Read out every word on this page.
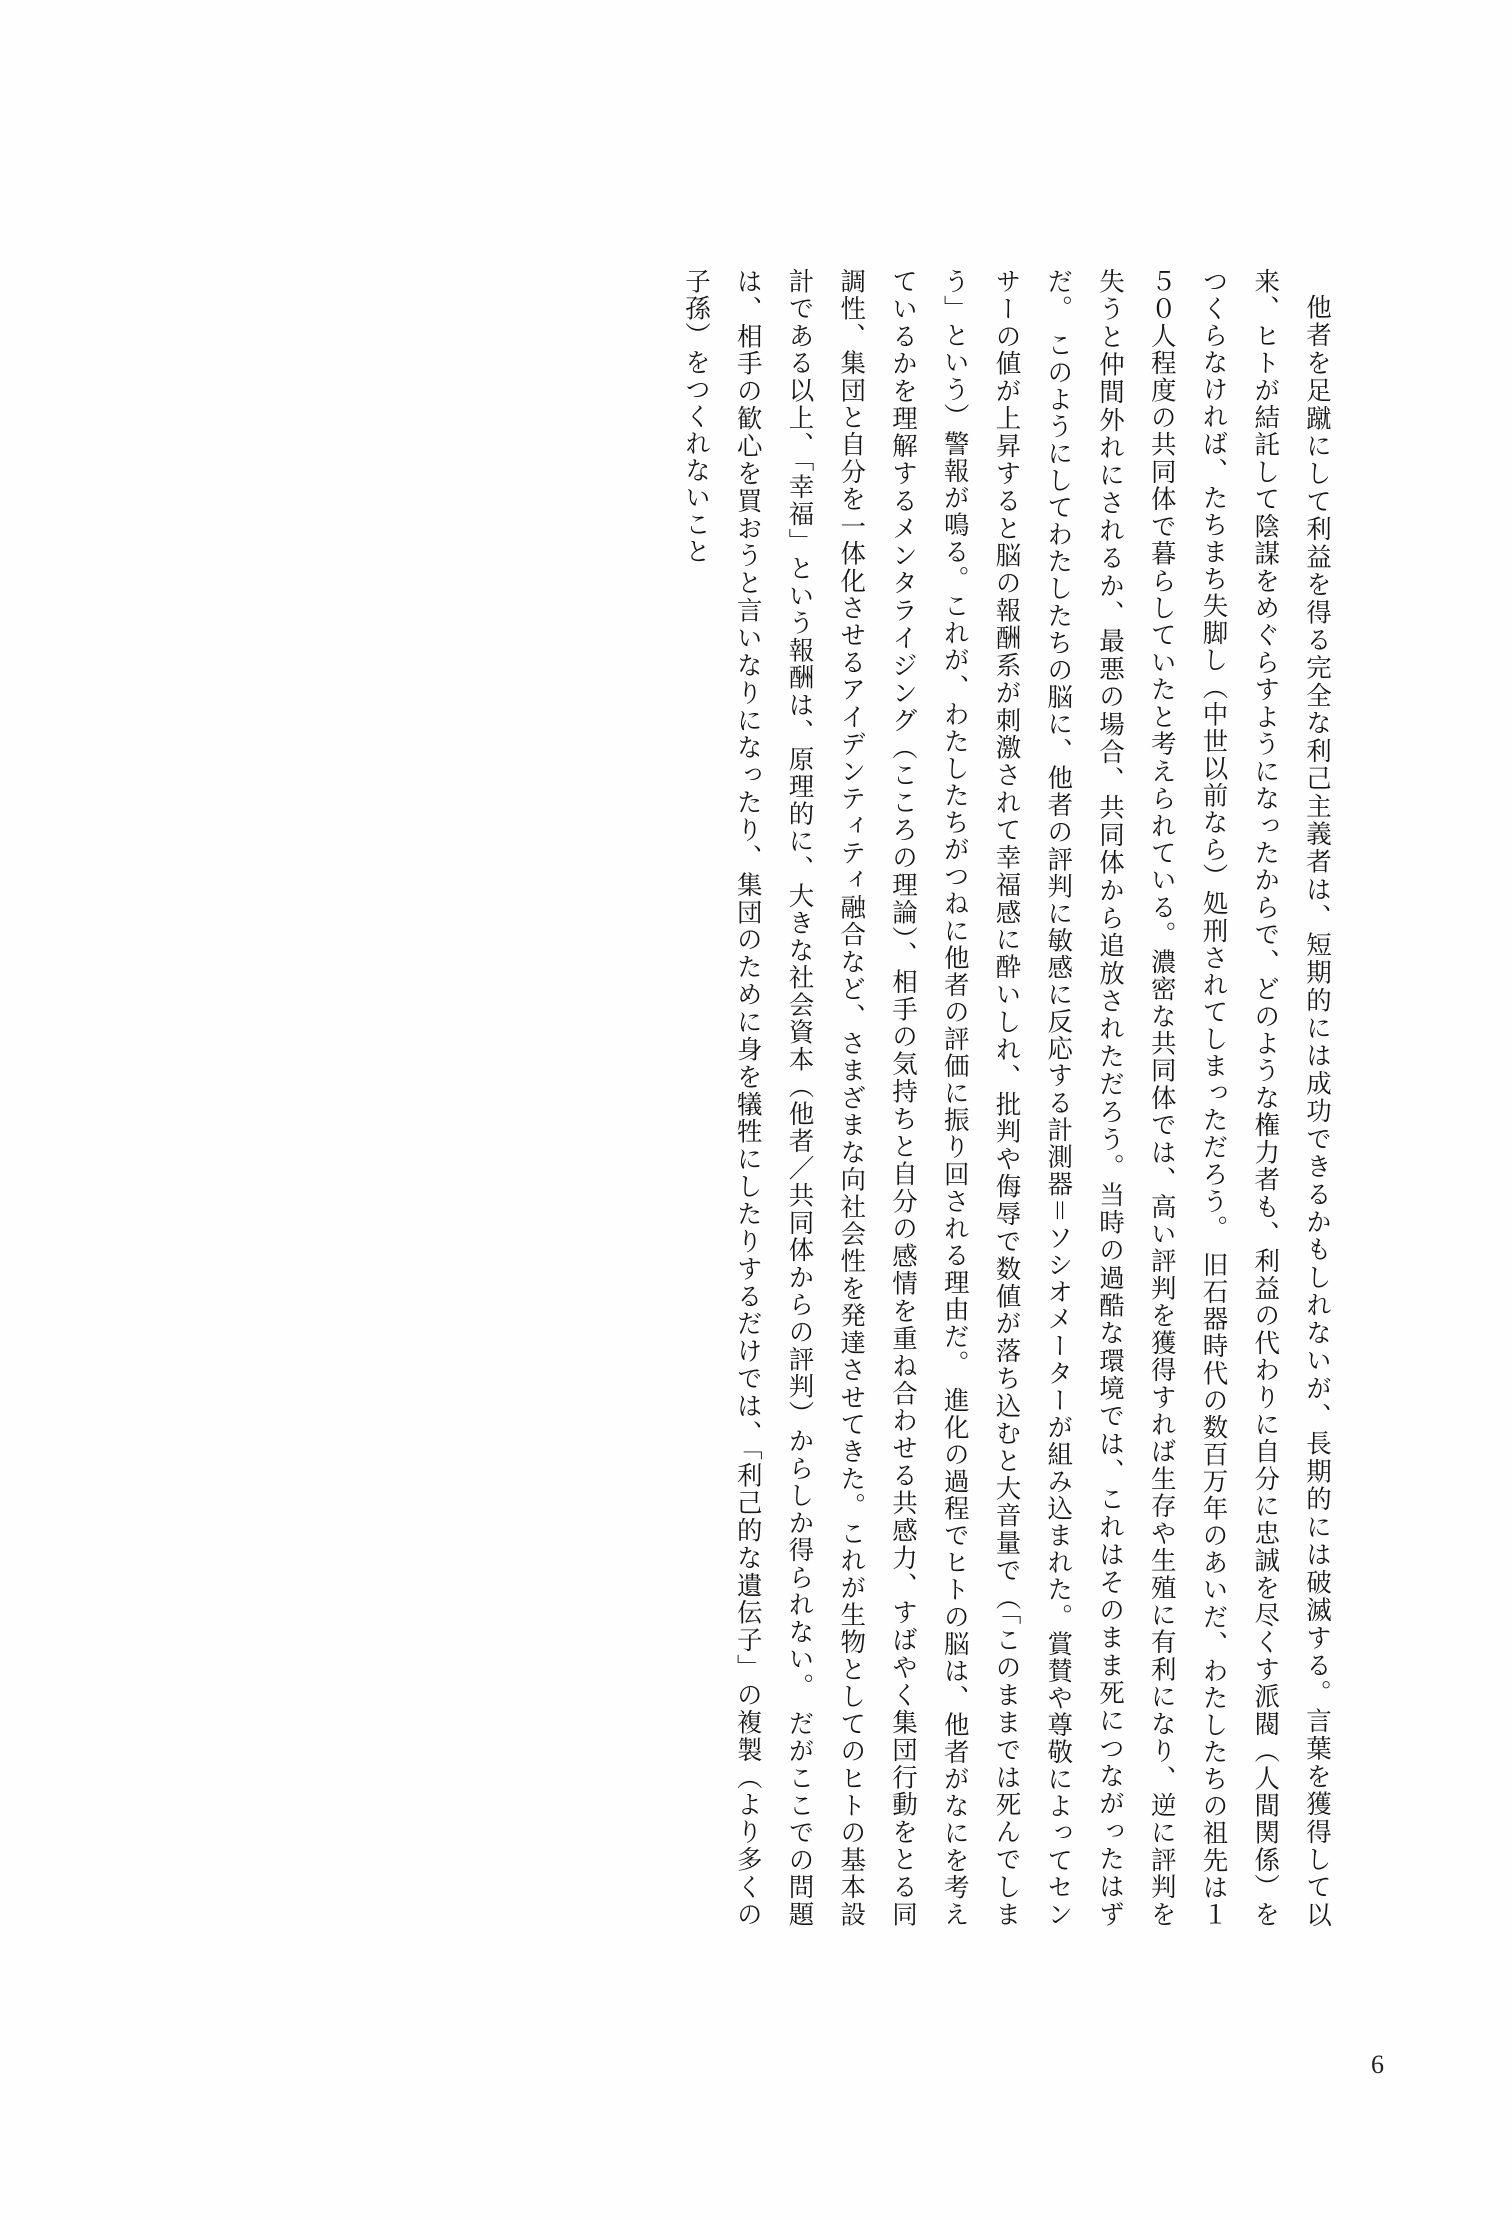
他者を足蹴にして利益を得る完全な利己主義者は、短期的には成功できるかもしれないが、長期的には破滅する。言葉を獲得して以来、ヒトが結託して陰謀をめぐらすようになったからで、どのような権力者も、利益の代わりに自分に忠誠を尽くす派閥（人間関係）をつくらなければ、たちまち失脚し（中世以前なら）処刑されてしまっただろう。 旧石器時代の数百万年のあいだ、わたしたちの祖先は１５０人程度の共同体で暮らしていたと考えられている。濃密な共同体では、高い評判を獲得すれば生存や生殖に有利になり、逆に評判を失うと仲間外れにされるか、最悪の場合、共同体から追放されただろう。当時の過酷な環境では、これはそのまま死につながったはずだ。 このようにしてわたしたちの脳に、他者の評判に敏感に反応する計測器＝ソシオメーターが組み込まれた。賞賛や尊敬によってセンサーの値が上昇すると脳の報酬系が刺激されて幸福感に酔いしれ、批判や侮辱で数値が落ち込むと大音量で（「このままでは死んでしまう」という）警報が鳴る。これが、わたしたちがつねに他者の評価に振り回される理由だ。 進化の過程でヒトの脳は、他者がなにを考えているかを理解するメンタライジング（こころの理論）、相手の気持ちと自分の感情を重ね合わせる共感力、すばやく集団行動をとる同調性、集団と自分を一体化させるアイデンティティ融合など、さまざまな向社会性を発達させてきた。これが生物としてのヒトの基本設計である以上、「幸福」という報酬は、原理的に、大きな社会資本（他者／共同体からの評判）からしか得られない。 だがここでの問題は、相手の歓心を買おうと言いなりになったり、集団のために身を犠牲にしたりするだけでは、「利己的な遺伝子」の複製（より多くの子孫）をつくれないこと

6
